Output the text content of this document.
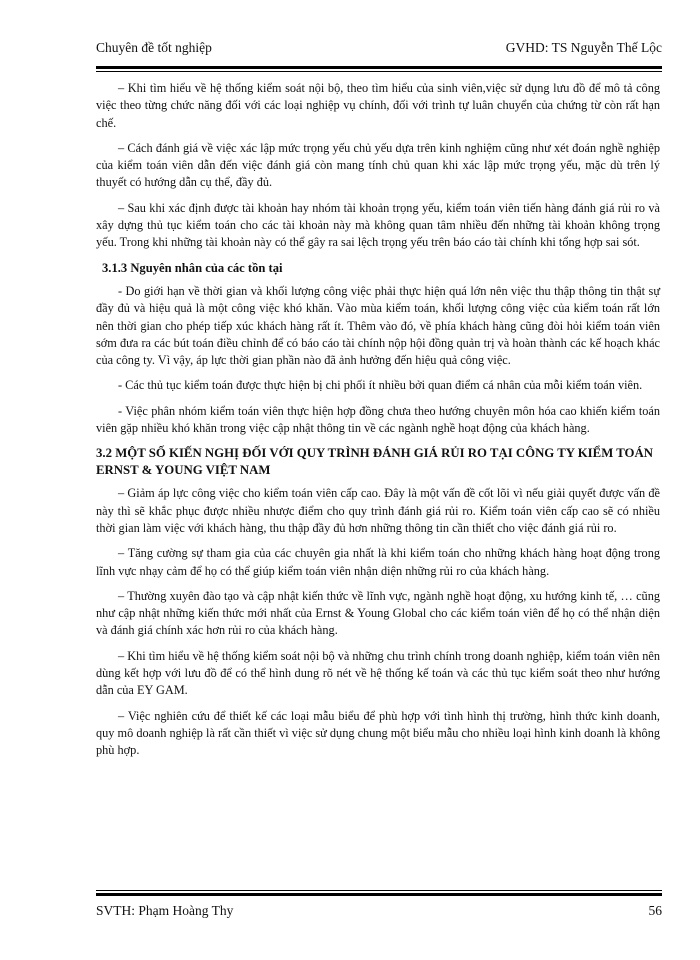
Chuyên đề tốt nghiệp	GVHD: TS Nguyễn Thế Lộc

– Khi tìm hiểu về hệ thống kiểm soát nội bộ, theo tìm hiểu của sinh viên,việc sử dụng lưu đồ để mô tả công việc theo từng chức năng đối với các loại nghiệp vụ chính, đối với trình tự luân chuyển của chứng từ còn rất hạn chế.

– Cách đánh giá về việc xác lập mức trọng yếu chủ yếu dựa trên kinh nghiệm cũng như xét đoán nghề nghiệp của kiểm toán viên dẫn đến việc đánh giá còn mang tính chủ quan khi xác lập mức trọng yếu, mặc dù trên lý thuyết có hướng dẫn cụ thể, đầy đủ.

– Sau khi xác định được tài khoản hay nhóm tài khoản trọng yếu, kiểm toán viên tiến hàng đánh giá rủi ro và xây dựng thủ tục kiểm toán cho các tài khoản này mà không quan tâm nhiều đến những tài khoản không trọng yếu. Trong khi những tài khoản này có thể gây ra sai lệch trọng yếu trên báo cáo tài chính khi tổng hợp sai sót.

3.1.3 Nguyên nhân của các tồn tại

- Do giới hạn về thời gian và khối lượng công việc phải thực hiện quá lớn nên việc thu thập thông tin thật sự đầy đủ và hiệu quả là một công việc khó khăn. Vào mùa kiểm toán, khối lượng công việc của kiểm toán rất lớn nên thời gian cho phép tiếp xúc khách hàng rất ít. Thêm vào đó, về phía khách hàng cũng đòi hỏi kiểm toán viên sớm đưa ra các bút toán điều chỉnh để có báo cáo tài chính nộp hội đồng quản trị và hoàn thành các kế hoạch khác của công ty. Vì vậy, áp lực thời gian phần nào đã ảnh hưởng đến hiệu quả công việc.

- Các thủ tục kiểm toán được thực hiện bị chi phối ít nhiều bởi quan điểm cá nhân của mỗi kiểm toán viên.

- Việc phân nhóm kiểm toán viên thực hiện hợp đồng chưa theo hướng chuyên môn hóa cao khiến kiểm toán viên gặp nhiều khó khăn trong việc cập nhật thông tin về các ngành nghề hoạt động của khách hàng.

3.2 MỘT SỐ KIẾN NGHỊ ĐỐI VỚI QUY TRÌNH ĐÁNH GIÁ RỦI RO TẠI CÔNG TY KIỂM TOÁN ERNST & YOUNG VIỆT NAM

– Giảm áp lực công việc cho kiểm toán viên cấp cao. Đây là một vấn đề cốt lõi vì nếu giải quyết được vấn đề này thì sẽ khắc phục được nhiều nhược điểm cho quy trình đánh giá rủi ro. Kiểm toán viên cấp cao sẽ có nhiều thời gian làm việc với khách hàng, thu thập đầy đủ hơn những thông tin cần thiết cho việc đánh giá rủi ro.

– Tăng cường sự tham gia của các chuyên gia nhất là khi kiểm toán cho những khách hàng hoạt động trong lĩnh vực nhạy cảm để họ có thể giúp kiểm toán viên nhận diện những rủi ro của khách hàng.

– Thường xuyên đào tạo và cập nhật kiến thức về lĩnh vực, ngành nghề hoạt động, xu hướng kinh tế, … cũng như cập nhật những kiến thức mới nhất của Ernst & Young Global cho các kiểm toán viên để họ có thể nhận diện và đánh giá chính xác hơn rủi ro của khách hàng.

– Khi tìm hiểu về hệ thống kiểm soát nội bộ và những chu trình chính trong doanh nghiệp, kiểm toán viên nên dùng kết hợp với lưu đồ để có thể hình dung rõ nét về hệ thống kế toán và các thủ tục kiểm soát theo như hướng dẫn của EY GAM.

– Việc nghiên cứu để thiết kế các loại mẫu biểu để phù hợp với tình hình thị trường, hình thức kinh doanh, quy mô doanh nghiệp là rất cần thiết vì việc sử dụng chung một biểu mẫu cho nhiều loại hình kinh doanh là không phù hợp.

SVTH: Phạm Hoàng Thy	56
